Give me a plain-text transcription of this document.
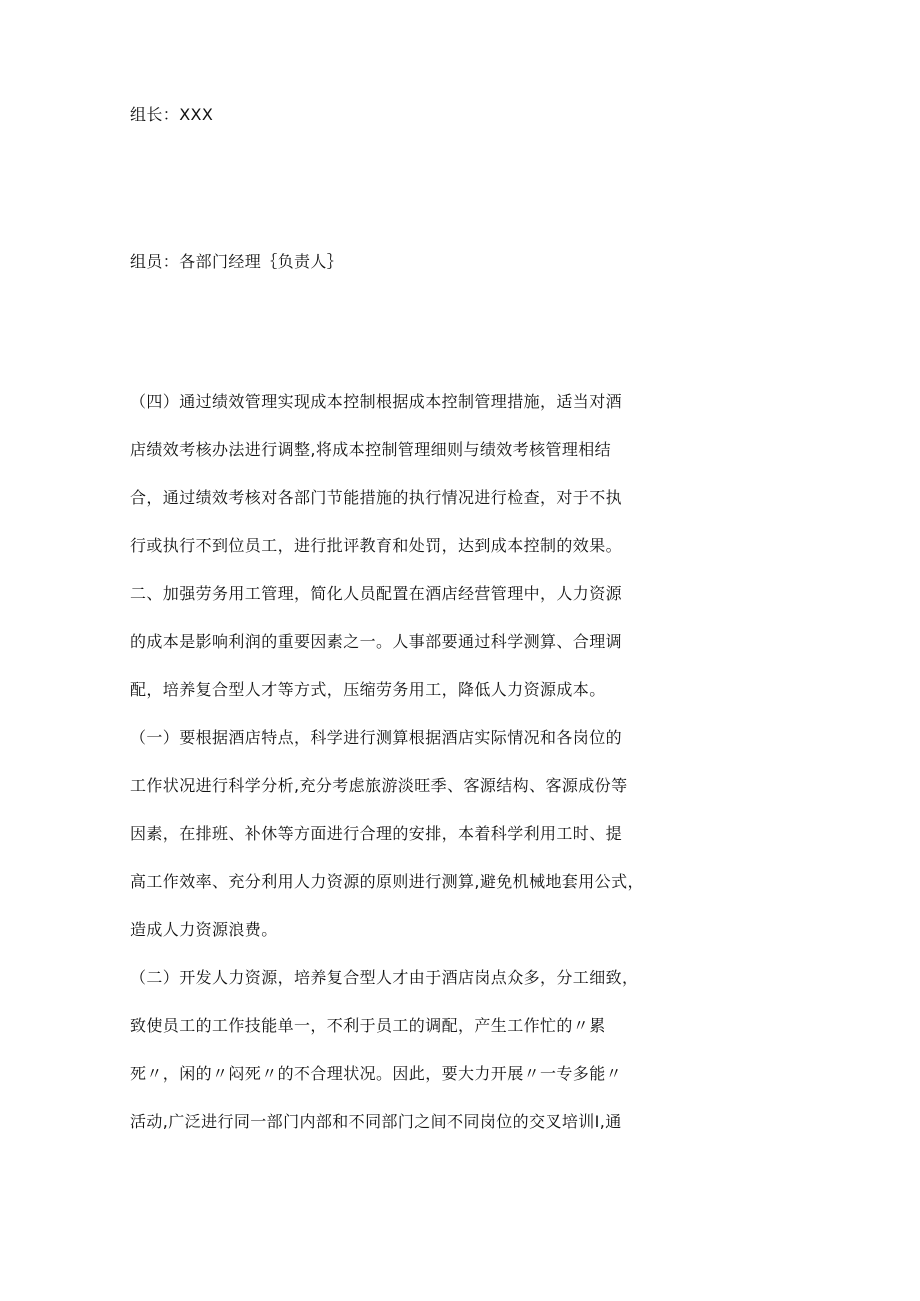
组长：XXX
组员：各部门经理｛负责人｝
（四）通过绩效管理实现成本控制根据成本控制管理措施，适当对酒
店绩效考核办法进行调整,将成本控制管理细则与绩效考核管理相结
合，通过绩效考核对各部门节能措施的执行情况进行检查，对于不执
行或执行不到位员工，进行批评教育和处罚，达到成本控制的效果。
二、加强劳务用工管理，简化人员配置在酒店经营管理中，人力资源
的成本是影响利润的重要因素之一。人事部要通过科学测算、合理调
配，培养复合型人才等方式，压缩劳务用工，降低人力资源成本。
（一）要根据酒店特点，科学进行测算根据酒店实际情况和各岗位的
工作状况进行科学分析,充分考虑旅游淡旺季、客源结构、客源成份等
因素，在排班、补休等方面进行合理的安排，本着科学利用工时、提
高工作效率、充分利用人力资源的原则进行测算,避免机械地套用公式，
造成人力资源浪费。
（二）开发人力资源，培养复合型人才由于酒店岗点众多，分工细致，
致使员工的工作技能单一，不利于员工的调配，产生工作忙的〃累
死〃，闲的〃闷死〃的不合理状况。因此，要大力开展〃一专多能〃
活动,广泛进行同一部门内部和不同部门之间不同岗位的交叉培训I,通
